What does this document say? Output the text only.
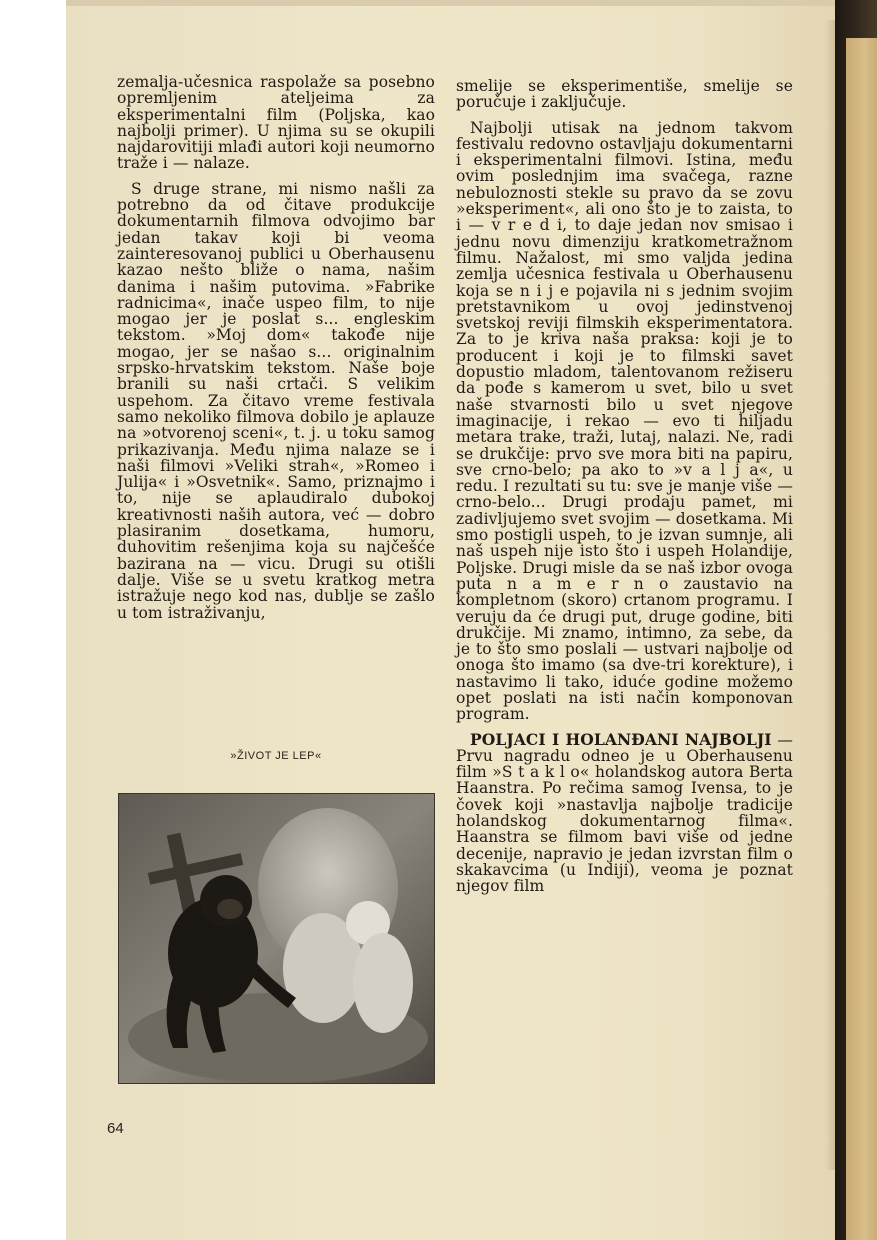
zemalja-učesnica raspolaže sa posebno opremljenim ateljeima za eksperimentalni film (Poljska, kao najbolji primer). U njima su se okupili najdarovitiji mlađi autori koji neumorno traže i — nalaze.

S druge strane, mi nismo našli za potrebno da od čitave produkcije dokumentarnih filmova odvojimo bar jedan takav koji bi veoma zainteresovanoj publici u Oberhausenu kazao nešto bliže o nama, našim danima i našim putovima. »Fabrike radnicima«, inače uspeo film, to nije mogao jer je poslat s... engleskim tekstom. »Moj dom« takođe nije mogao, jer se našao s... originalnim srpsko-hrvatskim tekstom. Naše boje branili su naši crtači. S velikim uspehom. Za čitavo vreme festivala samo nekoliko filmova dobilo je aplauze na »otvorenoj sceni«, t. j. u toku samog prikazivanja. Među njima nalaze se i naši filmovi »Veliki strah«, »Romeo i Julija« i »Osvetnik«. Samo, priznajmo i to, nije se aplaudiralo dubokoj kreativnosti naših autora, već — dobro plasiranim dosetkama, humoru, duhovitim rešenjima koja su najčešće bazirana na — vicu. Drugi su otišli dalje. Više se u svetu kratkog metra istražuje nego kod nas, dublje se zašlo u tom istraživanju,

»ŽIVOT JE LEP«

smelije se eksperimentiše, smelije se poručuje i zaključuje.

Najbolji utisak na jednom takvom festivalu redovno ostavljaju dokumentarni i eksperimentalni filmovi. Istina, među ovim poslednjim ima svačega, razne nebuloznosti stekle su pravo da se zovu »eksperiment«, ali ono što je to zaista, to i — v r e d i, to daje jedan nov smisao i jednu novu dimenziju kratkometražnom filmu. Nažalost, mi smo valjda jedina zemlja učesnica festivala u Oberhausenu koja se n i j e pojavila ni s jednim svojim pretstavnikom u ovoj jedinstvenoj svetskoj reviji filmskih eksperimentatora. Za to je kriva naša praksa: koji je to producent i koji je to filmski savet dopustio mladom, talentovanom režiseru da pođe s kamerom u svet, bilo u svet naše stvarnosti bilo u svet njegove imaginacije, i rekao — evo ti hiljadu metara trake, traži, lutaj, nalazi. Ne, radi se drukčije: prvo sve mora biti na papiru, sve crno-belo; pa ako to »v a l j a«, u redu. I rezultati su tu: sve je manje više — crno-belo... Drugi prodaju pamet, mi zadivljujemo svet svojim — dosetkama. Mi smo postigli uspeh, to je izvan sumnje, ali naš uspeh nije isto što i uspeh Holandije, Poljske. Drugi misle da se naš izbor ovoga puta n a m e r n o zaustavio na kompletnom (skoro) crtanom programu. I veruju da će drugi put, druge godine, biti drukčije. Mi znamo, intimno, za sebe, da je to što smo poslali — ustvari najbolje od onoga što imamo (sa dve-tri korekture), i nastavimo li tako, iduće godine možemo opet poslati na isti način komponovan program.

POLJACI I HOLANĐANI NAJBOLJI — Prvu nagradu odneo je u Oberhausenu film »S t a k l o« holandskog autora Berta Haanstra. Po rečima samog Ivensa, to je čovek koji »nastavlja najbolje tradicije holandskog dokumentarnog filma«. Haanstra se filmom bavi više od jedne decenije, napravio je jedan izvrstan film o skakavcima (u Indiji), veoma je poznat njegov film

64
